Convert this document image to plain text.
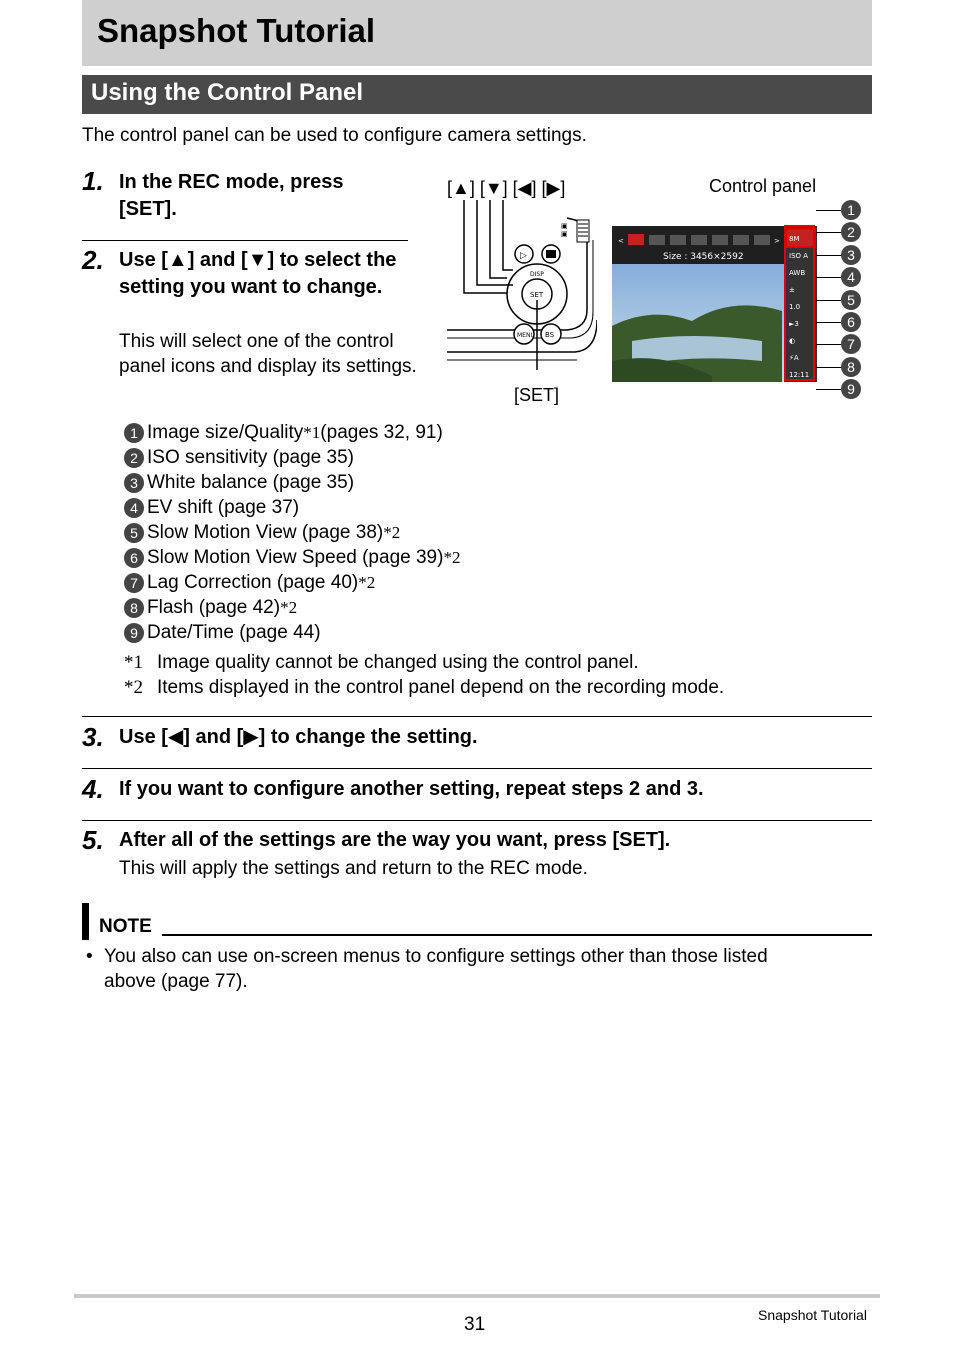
Snapshot Tutorial
Using the Control Panel
The control panel can be used to configure camera settings.
1. In the REC mode, press [SET].
2. Use [▲] and [▼] to select the setting you want to change.
This will select one of the control panel icons and display its settings.
[▲] [▼] [◀] [▶]	Control panel
[SET]
▣
▣
▷
SET
DISP
MENU BS
<	>
Size : 3456×2592
8M
ISO A
AWB
±
1.0
►3
◐
⚡A
12:11
1
2
3
4
5
6
7
8
9
1 Image size/Quality *1 (pages 32, 91)
2 ISO sensitivity (page 35)
3 White balance (page 35)
4 EV shift (page 37)
5 Slow Motion View (page 38) *2
6 Slow Motion View Speed (page 39) *2
7 Lag Correction (page 40) *2
8 Flash (page 42) *2
9 Date/Time (page 44)
*1 Image quality cannot be changed using the control panel.
*2 Items displayed in the control panel depend on the recording mode.
3. Use [◀] and [▶] to change the setting.
4. If you want to configure another setting, repeat steps 2 and 3.
5. After all of the settings are the way you want, press [SET].
This will apply the settings and return to the REC mode.
NOTE
• You also can use on-screen menus to configure settings other than those listed
above (page 77).
31	Snapshot Tutorial
